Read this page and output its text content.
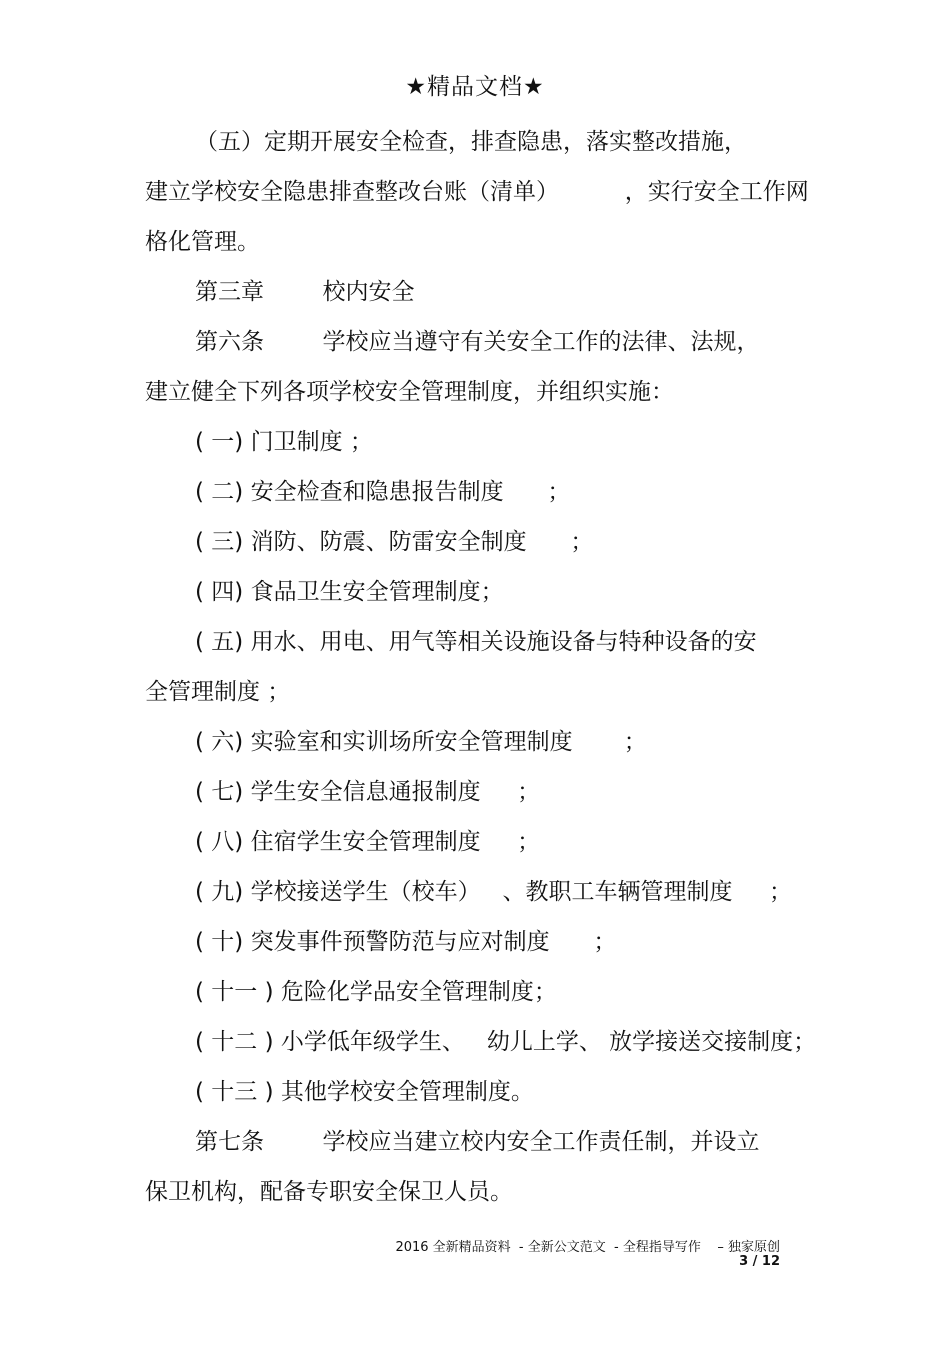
★精品文档★
（五）定期开展安全检查，排查隐患，落实整改措施，
建立学校安全隐患排查整改台账（清单）         ，实行安全工作网
格化管理。
第三章        校内安全
第六条        学校应当遵守有关安全工作的法律、法规，
建立健全下列各项学校安全管理制度，并组织实施：
( 一) 门卫制度 ；
( 二) 安全检查和隐患报告制度      ；
( 三) 消防、防震、防雷安全制度      ；
( 四) 食品卫生安全管理制度；
( 五) 用水、用电、用气等相关设施设备与特种设备的安
全管理制度 ；
( 六) 实验室和实训场所安全管理制度       ；
( 七) 学生安全信息通报制度     ；
( 八) 住宿学生安全管理制度     ；
( 九) 学校接送学生（校车）   、教职工车辆管理制度     ；
( 十) 突发事件预警防范与应对制度      ；
( 十一 ) 危险化学品安全管理制度；
( 十二 ) 小学低年级学生、   幼儿上学、 放学接送交接制度；
( 十三 ) 其他学校安全管理制度。
第七条        学校应当建立校内安全工作责任制，并设立
保卫机构，配备专职安全保卫人员。
2016 全新精品资料  - 全新公文范文  - 全程指导写作    – 独家原创
3 / 12
